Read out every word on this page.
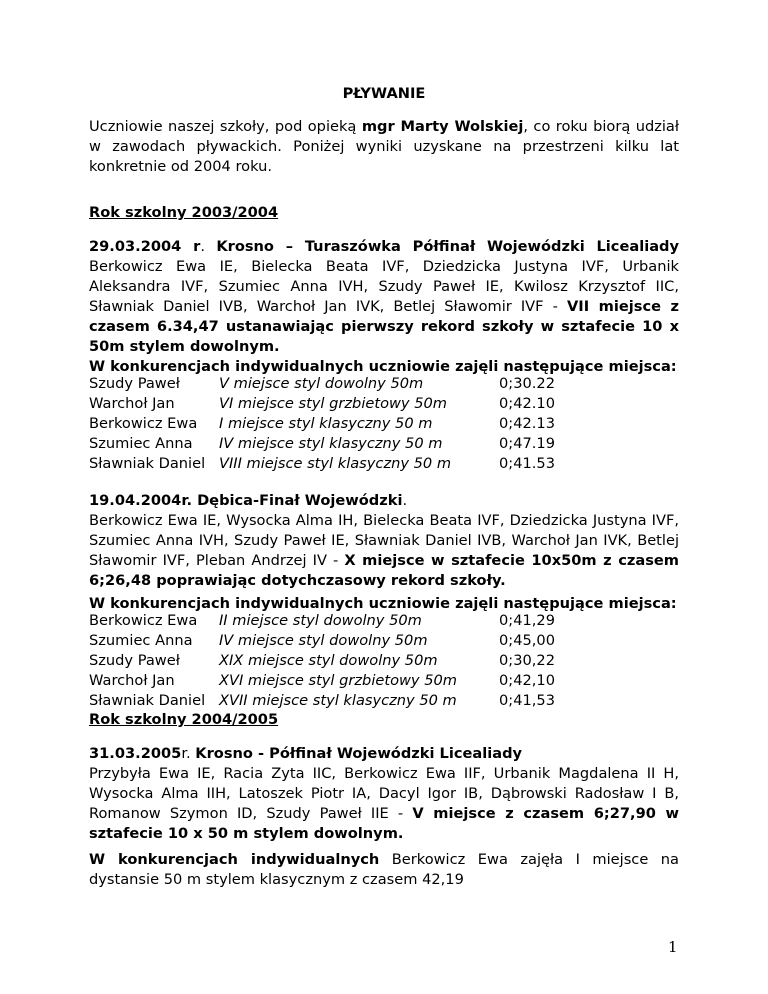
PŁYWANIE
Uczniowie naszej szkoły, pod opieką mgr Marty Wolskiej, co roku biorą udział w zawodach pływackich. Poniżej wyniki uzyskane na przestrzeni kilku lat konkretnie od 2004 roku.
Rok szkolny 2003/2004
29.03.2004 r. Krosno – Turaszówka Półfinał Wojewódzki Licealiady Berkowicz Ewa IE, Bielecka Beata IVF, Dziedzicka Justyna IVF, Urbanik Aleksandra IVF, Szumiec Anna IVH, Szudy Paweł IE, Kwilosz Krzysztof IIC, Sławniak Daniel IVB, Warchoł Jan IVK, Betlej Sławomir IVF - VII miejsce z czasem 6.34,47 ustanawiając pierwszy rekord szkoły w sztafecie 10 x 50m stylem dowolnym.
W konkurencjach indywidualnych uczniowie zajęli następujące miejsca:
Szudy Paweł	V miejsce styl dowolny 50m	0;30.22
Warchoł Jan	VI miejsce styl grzbietowy 50m	0;42.10
Berkowicz Ewa	I miejsce styl klasyczny 50 m	0;42.13
Szumiec Anna	IV miejsce styl klasyczny 50 m	0;47.19
Sławniak Daniel	VIII miejsce styl klasyczny 50 m	0;41.53
19.04.2004r. Dębica-Finał Wojewódzki.
Berkowicz Ewa IE, Wysocka Alma IH, Bielecka Beata IVF, Dziedzicka Justyna IVF, Szumiec Anna IVH, Szudy Paweł IE, Sławniak Daniel IVB, Warchoł Jan IVK, Betlej Sławomir IVF, Pleban Andrzej IV - X miejsce w sztafecie 10x50m z czasem 6;26,48 poprawiając dotychczasowy rekord szkoły.
W konkurencjach indywidualnych uczniowie zajęli następujące miejsca:
Berkowicz Ewa	II miejsce styl dowolny 50m	0;41,29
Szumiec Anna	IV miejsce styl dowolny 50m	0;45,00
Szudy Paweł	XIX miejsce styl dowolny 50m	0;30,22
Warchoł Jan	XVI miejsce styl grzbietowy 50m	0;42,10
Sławniak Daniel	XVII miejsce styl klasyczny 50 m	0;41,53
Rok szkolny 2004/2005
31.03.2005r. Krosno - Półfinał Wojewódzki Licealiady
Przybyła Ewa IE, Racia Zyta IIC, Berkowicz Ewa IIF, Urbanik Magdalena II H, Wysocka Alma IIH, Latoszek Piotr IA, Dacyl Igor IB, Dąbrowski Radosław I B, Romanow Szymon ID, Szudy Paweł IIE - V miejsce z czasem 6;27,90 w sztafecie 10 x 50 m stylem dowolnym.
W konkurencjach indywidualnych Berkowicz Ewa zajęła I miejsce na dystansie 50 m stylem klasycznym z czasem 42,19
1
